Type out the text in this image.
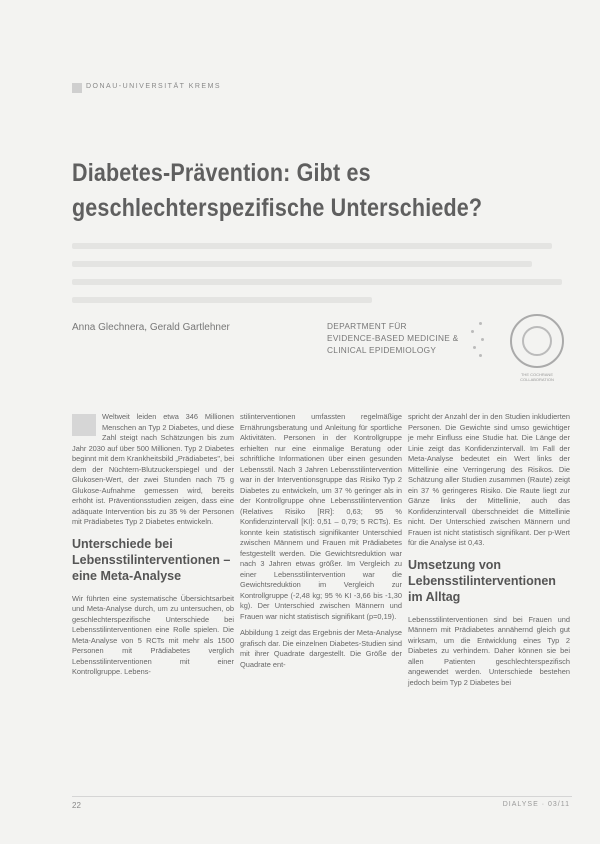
DONAU-UNIVERSITÄT KREMS
Diabetes-Prävention: Gibt es
geschlechterspezifische Unterschiede?
Anna Glechnera, Gerald Gartlehner	DEPARTMENT FÜR
EVIDENCE-BASED MEDICINE &
CLINICAL EPIDEMIOLOGY
THE COCHRANE COLLABORATION

Weltweit leiden etwa 346 Millionen Menschen an Typ 2 Diabetes, und diese Zahl steigt nach Schätzungen bis zum Jahr 2030 auf über 500 Millionen. Typ 2 Diabetes beginnt mit dem Krankheitsbild „Prädiabetes", bei dem der Nüchtern-Blutzuckerspiegel und der Glukosen-Wert, der zwei Stunden nach 75 g Glukose-Aufnahme gemessen wird, bereits erhöht ist. Präventionsstudien zeigen, dass eine adäquate Intervention bis zu 35 % der Personen mit Prädiabetes Typ 2 Diabetes entwickeln.

Unterschiede bei Lebensstilinterventionen – eine Meta-Analyse

Wir führten eine systematische Übersichtsarbeit und Meta-Analyse durch, um zu untersuchen, ob geschlechterspezifische Unterschiede bei Lebensstilinterventionen eine Rolle spielen. Die Meta-Analyse von 5 RCTs mit mehr als 1500 Personen mit Prädiabetes verglich Lebensstilinterventionen mit einer Kontrollgruppe. Lebens-

stilinterventionen umfassten regelmäßige Ernährungsberatung und Anleitung für sportliche Aktivitäten. Personen in der Kontrollgruppe erhielten nur eine einmalige Beratung oder schriftliche Informationen über einen gesunden Lebensstil. Nach 3 Jahren Lebensstilintervention war in der Interventionsgruppe das Risiko Typ 2 Diabetes zu entwickeln, um 37 % geringer als in der Kontrollgruppe ohne Lebensstilintervention (Relatives Risiko [RR]: 0,63; 95 % Konfidenzintervall [KI]: 0,51 – 0,79; 5 RCTs). Es konnte kein statistisch signifikanter Unterschied zwischen Männern und Frauen mit Prädiabetes festgestellt werden. Die Gewichtsreduktion war nach 3 Jahren etwas größer. Im Vergleich zu einer Lebensstilintervention war die Gewichtsreduktion im Vergleich zur Kontrollgruppe (-2,48 kg; 95 % KI -3,66 bis -1,30 kg). Der Unterschied zwischen Männern und Frauen war nicht statistisch signifikant (p=0,19).

Abbildung 1 zeigt das Ergebnis der Meta-Analyse grafisch dar. Die einzelnen Diabetes-Studien sind mit ihrer Quadrate dargestellt. Die Größe der Quadrate ent-

spricht der Anzahl der in den Studien inkludierten Personen. Die Gewichte sind umso gewichtiger je mehr Einfluss eine Studie hat. Die Länge der Linie zeigt das Konfidenzintervall. Im Fall der Meta-Analyse bedeutet ein Wert links der Mittellinie eine Verringerung des Risikos. Die Schätzung aller Studien zusammen (Raute) zeigt ein 37 % geringeres Risiko. Die Raute liegt zur Gänze links der Mittellinie, auch das Konfidenzintervall überschneidet die Mittellinie nicht. Der Unterschied zwischen Männern und Frauen ist nicht statistisch signifikant. Der p-Wert für die Analyse ist 0,43.

Umsetzung von Lebensstilinterventionen im Alltag

Lebensstilinterventionen sind bei Frauen und Männern mit Prädiabetes annähernd gleich gut wirksam, um die Entwicklung eines Typ 2 Diabetes zu verhindern. Daher können sie bei allen Patienten geschlechterspezifisch angewendet werden. Unterschiede bestehen jedoch beim Typ 2 Diabetes bei

22	DIALYSE · 03/11
